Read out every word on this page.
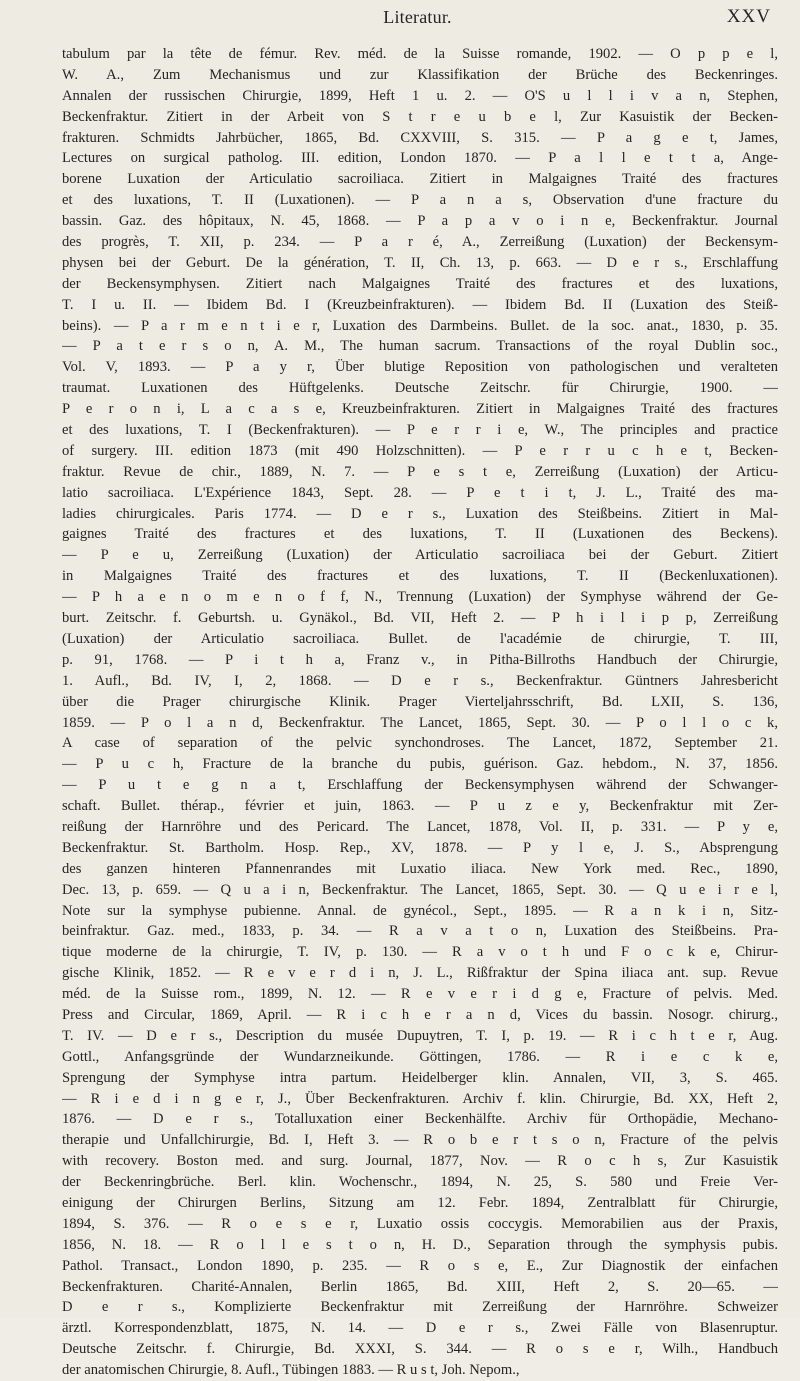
Literatur.	XXV
tabulum par la tête de fémur. Rev. méd. de la Suisse romande, 1902. — O p p e l,
W. A., Zum Mechanismus und zur Klassifikation der Brüche des Beckenringes.
Annalen der russischen Chirurgie, 1899, Heft 1 u. 2. — O'S u l l i v a n, Stephen,
Beckenfraktur. Zitiert in der Arbeit von S t r e u b e l, Zur Kasuistik der Becken-
frakturen. Schmidts Jahrbücher, 1865, Bd. CXXVIII, S. 315. — P a g e t, James,
Lectures on surgical patholog. III. edition, London 1870. — P a l l e t t a, Ange-
borene Luxation der Articulatio sacroiliaca. Zitiert in Malgaignes Traité des fractures
et des luxations, T. II (Luxationen). — P a n a s, Observation d'une fracture du
bassin. Gaz. des hôpitaux, N. 45, 1868. — P a p a v o i n e, Beckenfraktur. Journal
des progrès, T. XII, p. 234. — P a r é, A., Zerreißung (Luxation) der Beckensym-
physen bei der Geburt. De la génération, T. II, Ch. 13, p. 663. — D e r s., Erschlaffung
der Beckensymphysen. Zitiert nach Malgaignes Traité des fractures et des luxations,
T. I u. II. — Ibidem Bd. I (Kreuzbeinfrakturen). — Ibidem Bd. II (Luxation des Steiß-
beins). — P a r m e n t i e r, Luxation des Darmbeins. Bullet. de la soc. anat., 1830, p. 35.
— P a t e r s o n, A. M., The human sacrum. Transactions of the royal Dublin soc.,
Vol. V, 1893. — P a y r, Über blutige Reposition von pathologischen und veralteten
traumat. Luxationen des Hüftgelenks. Deutsche Zeitschr. für Chirurgie, 1900. —
P e r o n i, L a c a s e, Kreuzbeinfrakturen. Zitiert in Malgaignes Traité des fractures
et des luxations, T. I (Beckenfrakturen). — P e r r i e, W., The principles and practice
of surgery. III. edition 1873 (mit 490 Holzschnitten). — P e r r u c h e t, Becken-
fraktur. Revue de chir., 1889, N. 7. — P e s t e, Zerreißung (Luxation) der Articu-
latio sacroiliaca. L'Expérience 1843, Sept. 28. — P e t i t, J. L., Traité des ma-
ladies chirurgicales. Paris 1774. — D e r s., Luxation des Steißbeins. Zitiert in Mal-
gaignes Traité des fractures et des luxations, T. II (Luxationen des Beckens).
— P e u, Zerreißung (Luxation) der Articulatio sacroiliaca bei der Geburt. Zitiert
in Malgaignes Traité des fractures et des luxations, T. II (Beckenluxationen).
— P h a e n o m e n o f f, N., Trennung (Luxation) der Symphyse während der Ge-
burt. Zeitschr. f. Geburtsh. u. Gynäkol., Bd. VII, Heft 2. — P h i l i p p, Zerreißung
(Luxation) der Articulatio sacroiliaca. Bullet. de l'académie de chirurgie, T. III,
p. 91, 1768. — P i t h a, Franz v., in Pitha-Billroths Handbuch der Chirurgie,
1. Aufl., Bd. IV, I, 2, 1868. — D e r s., Beckenfraktur. Güntners Jahresbericht
über die Prager chirurgische Klinik. Prager Vierteljahrsschrift, Bd. LXII, S. 136,
1859. — P o l a n d, Beckenfraktur. The Lancet, 1865, Sept. 30. — P o l l o c k,
A case of separation of the pelvic synchondroses. The Lancet, 1872, September 21.
— P u c h, Fracture de la branche du pubis, guérison. Gaz. hebdom., N. 37, 1856.
— P u t e g n a t, Erschlaffung der Beckensymphysen während der Schwanger-
schaft. Bullet. thérap., février et juin, 1863. — P u z e y, Beckenfraktur mit Zer-
reißung der Harnröhre und des Pericard. The Lancet, 1878, Vol. II, p. 331. — P y e,
Beckenfraktur. St. Bartholm. Hosp. Rep., XV, 1878. — P y l e, J. S., Absprengung
des ganzen hinteren Pfannenrandes mit Luxatio iliaca. New York med. Rec., 1890,
Dec. 13, p. 659. — Q u a i n, Beckenfraktur. The Lancet, 1865, Sept. 30. — Q u e i r e l,
Note sur la symphyse pubienne. Annal. de gynécol., Sept., 1895. — R a n k i n, Sitz-
beinfraktur. Gaz. med., 1833, p. 34. — R a v a t o n, Luxation des Steißbeins. Pra-
tique moderne de la chirurgie, T. IV, p. 130. — R a v o t h und F o c k e, Chirur-
gische Klinik, 1852. — R e v e r d i n, J. L., Rißfraktur der Spina iliaca ant. sup. Revue
méd. de la Suisse rom., 1899, N. 12. — R e v e r i d g e, Fracture of pelvis. Med.
Press and Circular, 1869, April. — R i c h e r a n d, Vices du bassin. Nosogr. chirurg.,
T. IV. — D e r s., Description du musée Dupuytren, T. I, p. 19. — R i c h t e r, Aug.
Gottl., Anfangsgründe der Wundarzneikunde. Göttingen, 1786. — R i e c k e,
Sprengung der Symphyse intra partum. Heidelberger klin. Annalen, VII, 3, S. 465.
— R i e d i n g e r, J., Über Beckenfrakturen. Archiv f. klin. Chirurgie, Bd. XX, Heft 2,
1876. — D e r s., Totalluxation einer Beckenhälfte. Archiv für Orthopädie, Mechano-
therapie und Unfallchirurgie, Bd. I, Heft 3. — R o b e r t s o n, Fracture of the pelvis
with recovery. Boston med. and surg. Journal, 1877, Nov. — R o c h s, Zur Kasuistik
der Beckenringbrüche. Berl. klin. Wochenschr., 1894, N. 25, S. 580 und Freie Ver-
einigung der Chirurgen Berlins, Sitzung am 12. Febr. 1894, Zentralblatt für Chirurgie,
1894, S. 376. — R o e s e r, Luxatio ossis coccygis. Memorabilien aus der Praxis,
1856, N. 18. — R o l l e s t o n, H. D., Separation through the symphysis pubis.
Pathol. Transact., London 1890, p. 235. — R o s e, E., Zur Diagnostik der einfachen
Beckenfrakturen. Charité-Annalen, Berlin 1865, Bd. XIII, Heft 2, S. 20—65. —
D e r s., Komplizierte Beckenfraktur mit Zerreißung der Harnröhre. Schweizer
ärztl. Korrespondenzblatt, 1875, N. 14. — D e r s., Zwei Fälle von Blasenruptur.
Deutsche Zeitschr. f. Chirurgie, Bd. XXXI, S. 344. — R o s e r, Wilh., Handbuch
der anatomischen Chirurgie, 8. Aufl., Tübingen 1883. — R u s t, Joh. Nepom.,
